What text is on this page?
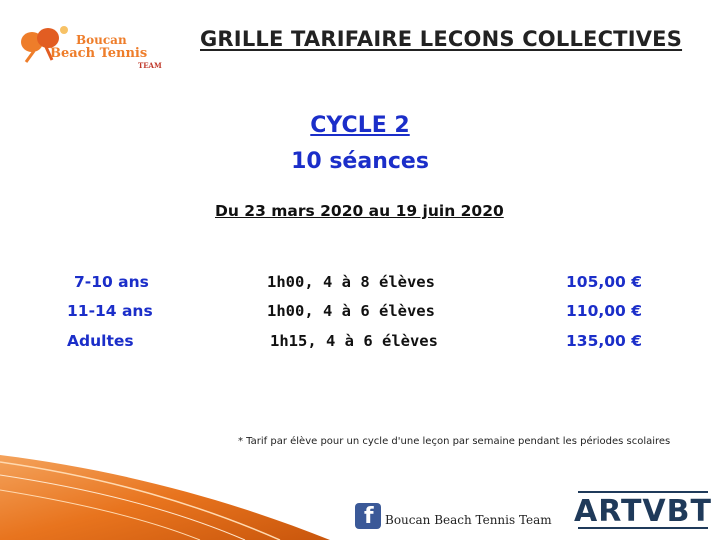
Boucan
Beach Tennis
TEAM
GRILLE TARIFAIRE LECONS COLLECTIVES
CYCLE 2
10 séances
Du 23 mars 2020 au 19 juin 2020
7-10 ans	1h00, 4 à 8 élèves	105,00 €
11-14 ans	1h00, 4 à 6 élèves	110,00 €
Adultes	1h15, 4 à 6 élèves	135,00 €
* Tarif par élève pour un cycle d'une leçon par semaine pendant les périodes scolaires
f Boucan Beach Tennis Team ARTVBT
